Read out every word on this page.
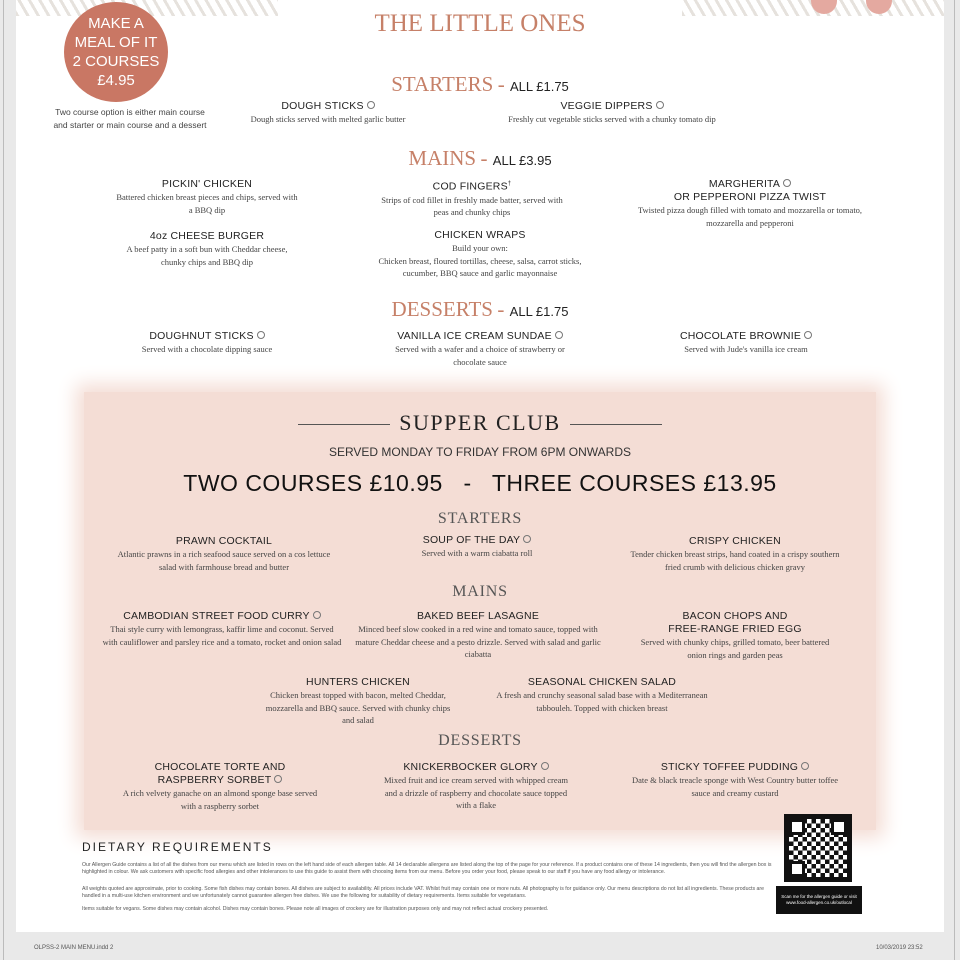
MAKE A
MEAL OF IT
2 COURSES
£4.95
Two course option is either main course and starter or main course and a dessert
THE LITTLE ONES
STARTERS - ALL £1.75
DOUGH STICKS
Dough sticks served with melted garlic butter
VEGGIE DIPPERS
Freshly cut vegetable sticks served with a chunky tomato dip
MAINS - ALL £3.95
PICKIN' CHICKEN
Battered chicken breast pieces and chips, served with a BBQ dip
COD FINGERS†
Strips of cod fillet in freshly made batter, served with peas and chunky chips
MARGHERITA
OR PEPPERONI PIZZA TWIST
Twisted pizza dough filled with tomato and mozzarella or tomato, mozzarella and pepperoni
4oz CHEESE BURGER
A beef patty in a soft bun with Cheddar cheese, chunky chips and BBQ dip
CHICKEN WRAPS
Build your own:
Chicken breast, floured tortillas, cheese, salsa, carrot sticks, cucumber, BBQ sauce and garlic mayonnaise
DESSERTS - ALL £1.75
DOUGHNUT STICKS
Served with a chocolate dipping sauce
VANILLA ICE CREAM SUNDAE
Served with a wafer and a choice of strawberry or chocolate sauce
CHOCOLATE BROWNIE
Served with Jude's vanilla ice cream
SUPPER CLUB
SERVED MONDAY TO FRIDAY FROM 6PM ONWARDS
TWO COURSES £10.95   -   THREE COURSES £13.95
STARTERS
PRAWN COCKTAIL
Atlantic prawns in a rich seafood sauce served on a cos lettuce salad with farmhouse bread and butter
SOUP OF THE DAY
Served with a warm ciabatta roll
CRISPY CHICKEN
Tender chicken breast strips, hand coated in a crispy southern fried crumb with delicious chicken gravy
MAINS
CAMBODIAN STREET FOOD CURRY
Thai style curry with lemongrass, kaffir lime and coconut. Served with cauliflower and parsley rice and a tomato, rocket and onion salad
BAKED BEEF LASAGNE
Minced beef slow cooked in a red wine and tomato sauce, topped with mature Cheddar cheese and a pesto drizzle. Served with salad and garlic ciabatta
BACON CHOPS AND
FREE-RANGE FRIED EGG
Served with chunky chips, grilled tomato, beer battered onion rings and garden peas
HUNTERS CHICKEN
Chicken breast topped with bacon, melted Cheddar, mozzarella and BBQ sauce. Served with chunky chips and salad
SEASONAL CHICKEN SALAD
A fresh and crunchy seasonal salad base with a Mediterranean tabbouleh. Topped with chicken breast
DESSERTS
CHOCOLATE TORTE AND
RASPBERRY SORBET
A rich velvety ganache on an almond sponge base served with a raspberry sorbet
KNICKERBOCKER GLORY
Mixed fruit and ice cream served with whipped cream and a drizzle of raspberry and chocolate sauce topped with a flake
STICKY TOFFEE PUDDING
Date & black treacle sponge with West Country butter toffee sauce and creamy custard
DIETARY REQUIREMENTS
Our Allergen Guide contains a list of all the dishes from our menu which are listed in rows on the left hand side of each allergen table. All 14 declarable allergens are listed along the top of the page for your reference. If a product contains one of these 14 ingredients, then you will find the allergen box is highlighted in colour. We ask customers with specific food allergies and other intolerances to use this guide to assist them with choosing items from our menu. Before you order your food, please speak to our staff if you have any food allergy or intolerance.
All weights quoted are approximate, prior to cooking. Some fish dishes may contain bones. All dishes are subject to availability. All prices include VAT. Whilst fruit may contain one or more nuts. All photography is for guidance only. Our menu descriptions do not list all ingredients. These products are handled in a multi-use kitchen environment and we unfortunately cannot guarantee allergen free dishes. We use the following for suitability of dietary requirements. Items suitable for vegetarians.
Items suitable for vegans. Some dishes may contain alcohol. Dishes may contain bones. Please note all images of crockery are for illustration purposes only and may not reflect actual crockery presented.
Scan me for the allergen guide or visit www.food-allergen.co.uk/outlocal
OLPSS-2 MAIN MENU.indd 2	10/03/2019 23:52
